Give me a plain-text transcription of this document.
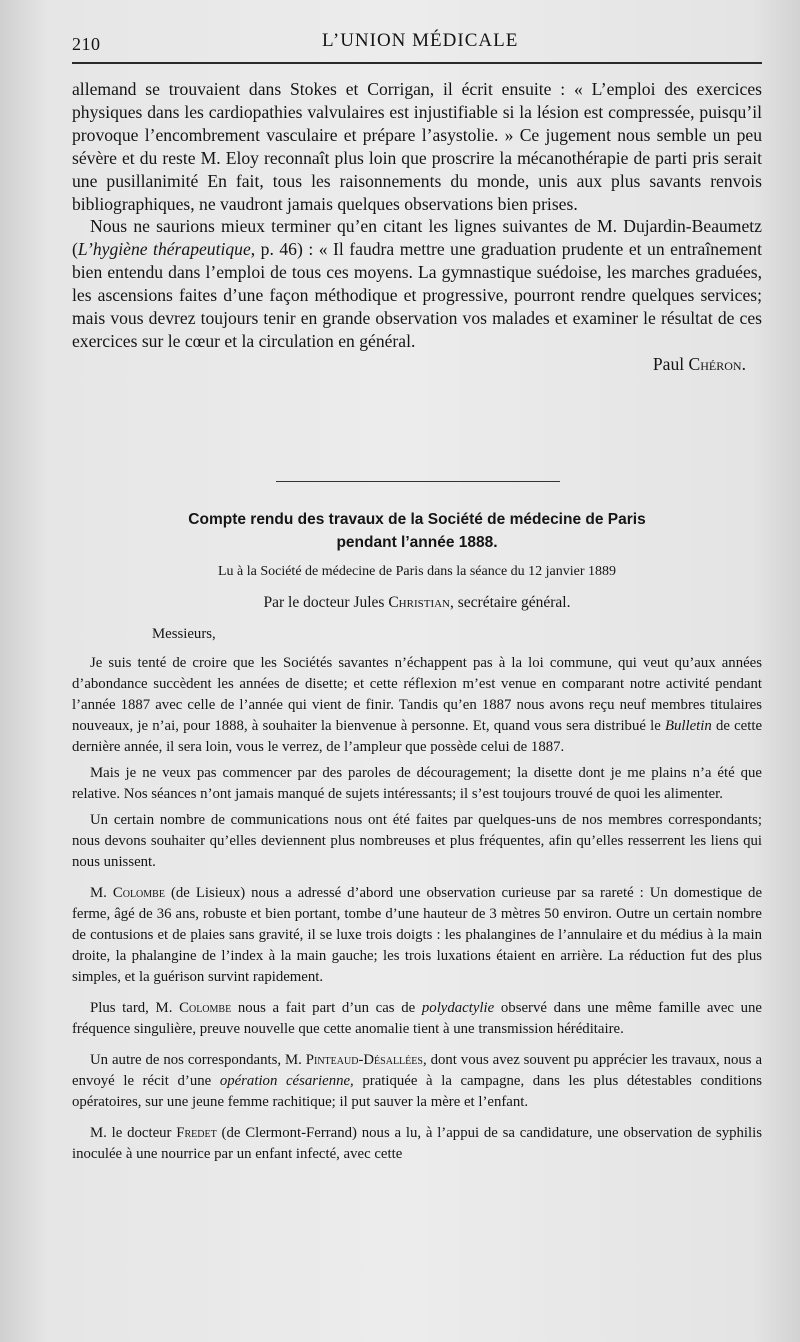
210	L’UNION MÉDICALE

allemand se trouvaient dans Stokes et Corrigan, il écrit ensuite : « L’emploi des exercices physiques dans les cardiopathies valvulaires est injustifiable si la lésion est compressée, puisqu’il provoque l’encombrement vasculaire et prépare l’asystolie. » Ce jugement nous semble un peu sévère et du reste M. Eloy reconnaît plus loin que proscrire la mécanothérapie de parti pris serait une pusillanimité En fait, tous les raisonnements du monde, unis aux plus savants renvois bibliographiques, ne vaudront jamais quelques observations bien prises.

Nous ne saurions mieux terminer qu’en citant les lignes suivantes de M. Dujardin-Beaumetz (L’hygiène thérapeutique, p. 46) : « Il faudra mettre une graduation prudente et un entraînement bien entendu dans l’emploi de tous ces moyens. La gymnastique suédoise, les marches graduées, les ascensions faites d’une façon méthodique et progressive, pourront rendre quelques services; mais vous devrez toujours tenir en grande observation vos malades et examiner le résultat de ces exercices sur le cœur et la circulation en général.

Paul Chéron.
Compte rendu des travaux de la Société de médecine de Paris
pendant l’année 1888.
Lu à la Société de médecine de Paris dans la séance du 12 janvier 1889
Par le docteur Jules Christian, secrétaire général.

Messieurs,

Je suis tenté de croire que les Sociétés savantes n’échappent pas à la loi commune, qui veut qu’aux années d’abondance succèdent les années de disette; et cette réflexion m’est venue en comparant notre activité pendant l’année 1887 avec celle de l’année qui vient de finir. Tandis qu’en 1887 nous avons reçu neuf membres titulaires nouveaux, je n’ai, pour 1888, à souhaiter la bienvenue à personne. Et, quand vous sera distribué le Bulletin de cette dernière année, il sera loin, vous le verrez, de l’ampleur que possède celui de 1887.

Mais je ne veux pas commencer par des paroles de découragement; la disette dont je me plains n’a été que relative. Nos séances n’ont jamais manqué de sujets intéressants; il s’est toujours trouvé de quoi les alimenter.

Un certain nombre de communications nous ont été faites par quelques-uns de nos membres correspondants; nous devons souhaiter qu’elles deviennent plus nombreuses et plus fréquentes, afin qu’elles resserrent les liens qui nous unissent.

M. Colombe (de Lisieux) nous a adressé d’abord une observation curieuse par sa rareté : Un domestique de ferme, âgé de 36 ans, robuste et bien portant, tombe d’une hauteur de 3 mètres 50 environ. Outre un certain nombre de contusions et de plaies sans gravité, il se luxe trois doigts : les phalangines de l’annulaire et du médius à la main droite, la phalangine de l’index à la main gauche; les trois luxations étaient en arrière. La réduction fut des plus simples, et la guérison survint rapidement.

Plus tard, M. Colombe nous a fait part d’un cas de polydactylie observé dans une même famille avec une fréquence singulière, preuve nouvelle que cette anomalie tient à une transmission héréditaire.

Un autre de nos correspondants, M. Pinteaud-Désallées, dont vous avez souvent pu apprécier les travaux, nous a envoyé le récit d’une opération césarienne, pratiquée à la campagne, dans les plus détestables conditions opératoires, sur une jeune femme rachitique; il put sauver la mère et l’enfant.

M. le docteur Fredet (de Clermont-Ferrand) nous a lu, à l’appui de sa candidature, une observation de syphilis inoculée à une nourrice par un enfant infecté, avec cette
